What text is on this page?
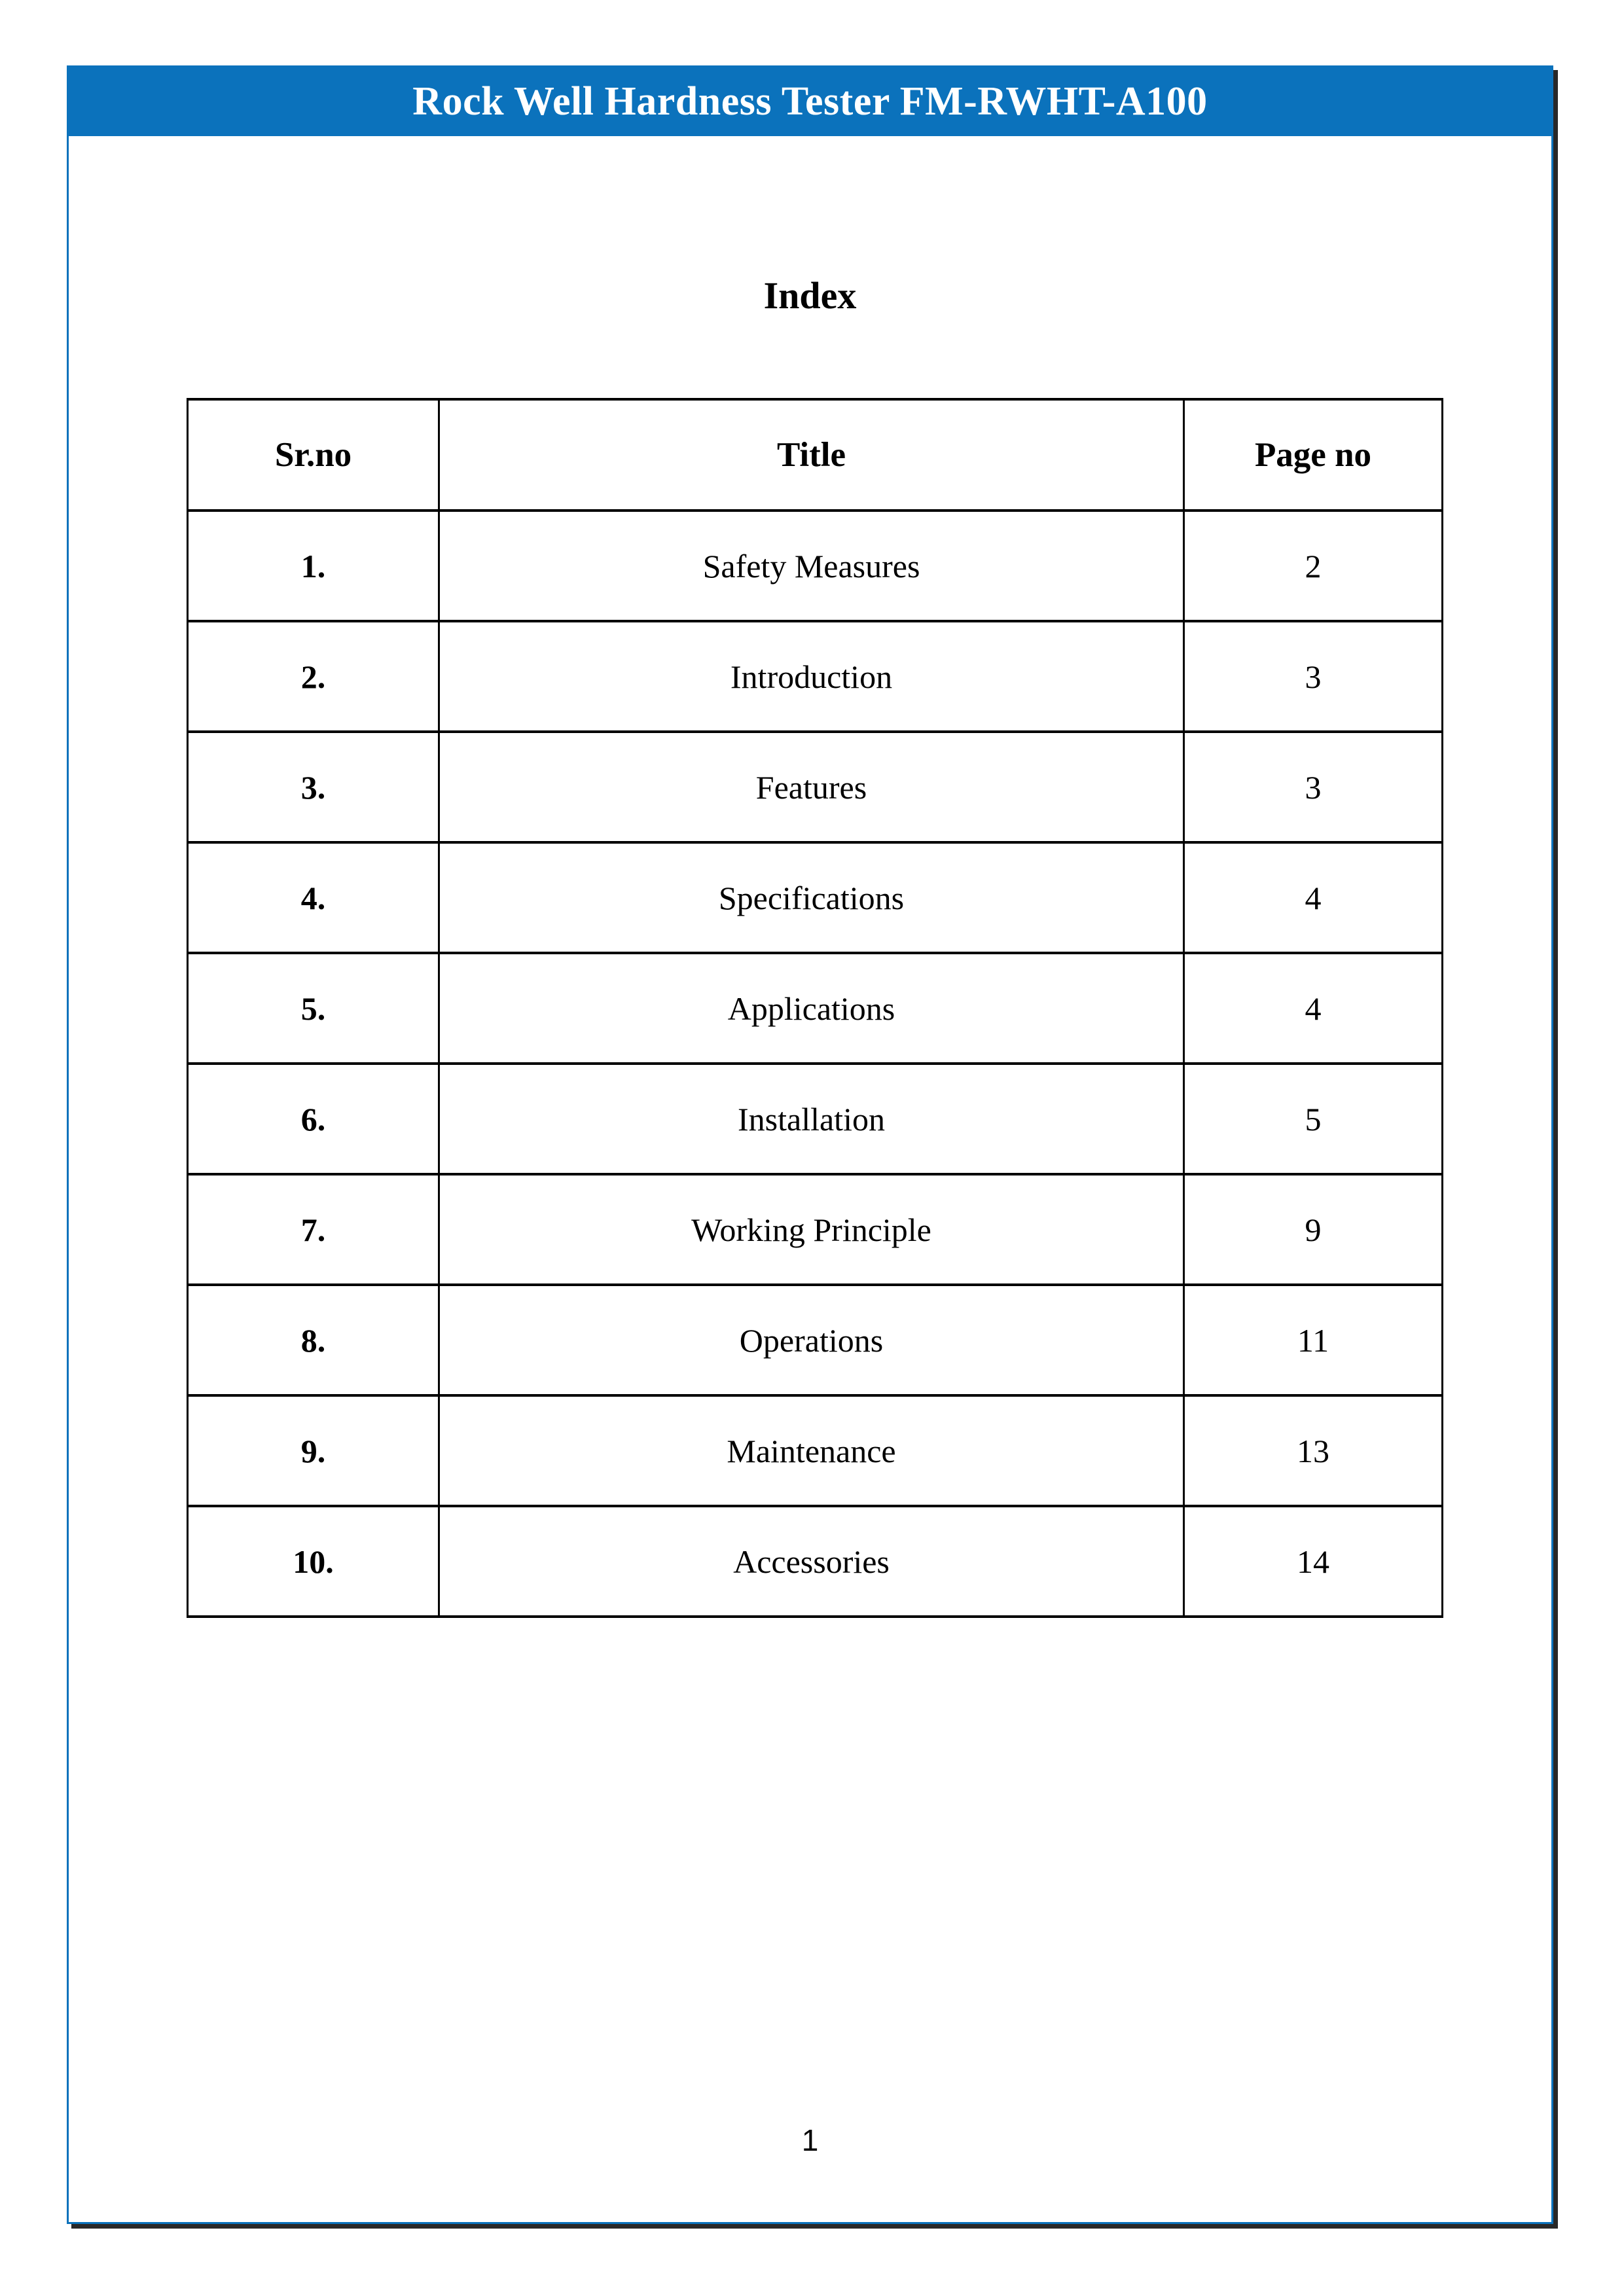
Rock Well Hardness Tester FM-RWHT-A100
Index
Sr.no	Title	Page no
1.	Safety Measures	2
2.	Introduction	3
3.	Features	3
4.	Specifications	4
5.	Applications	4
6.	Installation	5
7.	Working Principle	9
8.	Operations	11
9.	Maintenance	13
10.	Accessories	14
1
